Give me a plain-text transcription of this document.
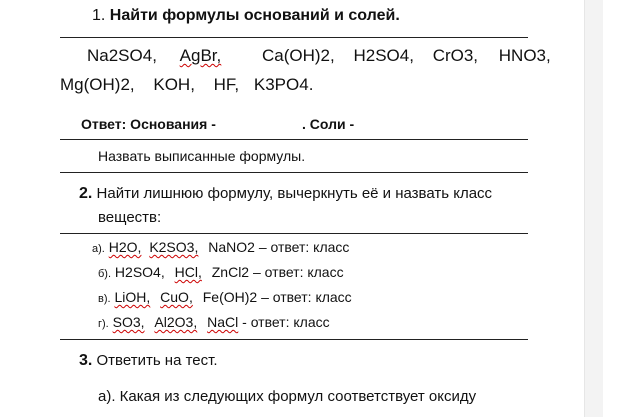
1. Найти формулы оснований и солей.
Na2SO4, AgBr, Ca(OH)2, H2SO4, CrO3, HNO3,
Mg(OH)2, KOH, HF, K3PO4.
Ответ: Основания -	. Соли -
Назвать выписанные формулы.
2. Найти лишнюю формулу, вычеркнуть её и назвать класс
веществ:
а). H2O, K2SO3, NaNO2 – ответ: класс
б). H2SO4, HCl, ZnCl2 – ответ: класс
в). LiOH, CuO, Fe(OH)2 – ответ: класс
г). SO3, Al2O3, NaCl - ответ: класс
3. Ответить на тест.
а). Какая из следующих формул соответствует оксиду
